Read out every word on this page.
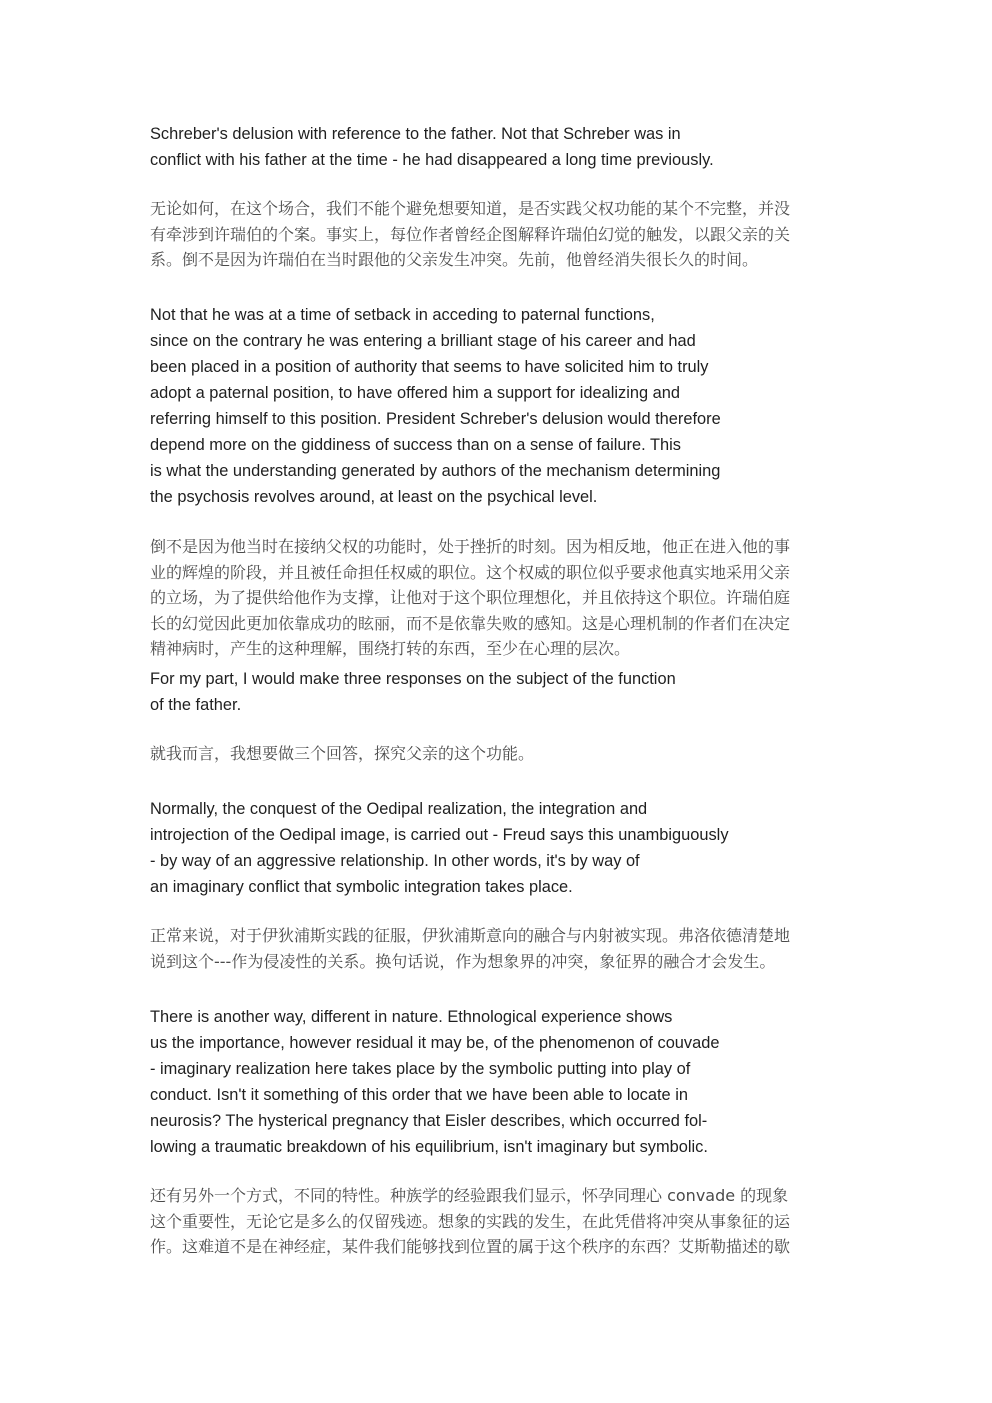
Schreber's delusion with reference to the father. Not that Schreber was in
conflict with his father at the time - he had disappeared a long time previously.
无论如何，在这个场合，我们不能个避免想要知道，是否实践父权功能的某个不完整，并没
有牵涉到许瑞伯的个案。事实上，每位作者曾经企图解释许瑞伯幻觉的触发，以跟父亲的关
系。倒不是因为许瑞伯在当时跟他的父亲发生冲突。先前，他曾经消失很长久的时间。
Not that he was at a time of setback in acceding to paternal functions,
since on the contrary he was entering a brilliant stage of his career and had
been placed in a position of authority that seems to have solicited him to truly
adopt a paternal position, to have offered him a support for idealizing and
referring himself to this position. President Schreber's delusion would therefore
depend more on the giddiness of success than on a sense of failure. This
is what the understanding generated by authors of the mechanism determining
the psychosis revolves around, at least on the psychical level.
倒不是因为他当时在接纳父权的功能时，处于挫折的时刻。因为相反地，他正在进入他的事
业的辉煌的阶段，并且被任命担任权威的职位。这个权威的职位似乎要求他真实地采用父亲
的立场，为了提供给他作为支撑，让他对于这个职位理想化，并且依持这个职位。许瑞伯庭
长的幻觉因此更加依靠成功的眩丽，而不是依靠失败的感知。这是心理机制的作者们在决定
精神病时，产生的这种理解，围绕打转的东西，至少在心理的层次。
For my part, I would make three responses on the subject of the function
of the father.
就我而言，我想要做三个回答，探究父亲的这个功能。
Normally, the conquest of the Oedipal realization, the integration and
introjection of the Oedipal image, is carried out - Freud says this unambiguously
- by way of an aggressive relationship. In other words, it's by way of
an imaginary conflict that symbolic integration takes place.
正常来说，对于伊狄浦斯实践的征服，伊狄浦斯意向的融合与内射被实现。弗洛依德清楚地
说到这个---作为侵凌性的关系。换句话说，作为想象界的冲突，象征界的融合才会发生。
There is another way, different in nature. Ethnological experience shows
us the importance, however residual it may be, of the phenomenon of couvade
- imaginary realization here takes place by the symbolic putting into play of
conduct. Isn't it something of this order that we have been able to locate in
neurosis? The hysterical pregnancy that Eisler describes, which occurred fol-
lowing a traumatic breakdown of his equilibrium, isn't imaginary but symbolic.
还有另外一个方式，不同的特性。种族学的经验跟我们显示，怀孕同理心 convade 的现象
这个重要性，无论它是多么的仅留残迹。想象的实践的发生，在此凭借将冲突从事象征的运
作。这难道不是在神经症，某件我们能够找到位置的属于这个秩序的东西？艾斯勒描述的歇
